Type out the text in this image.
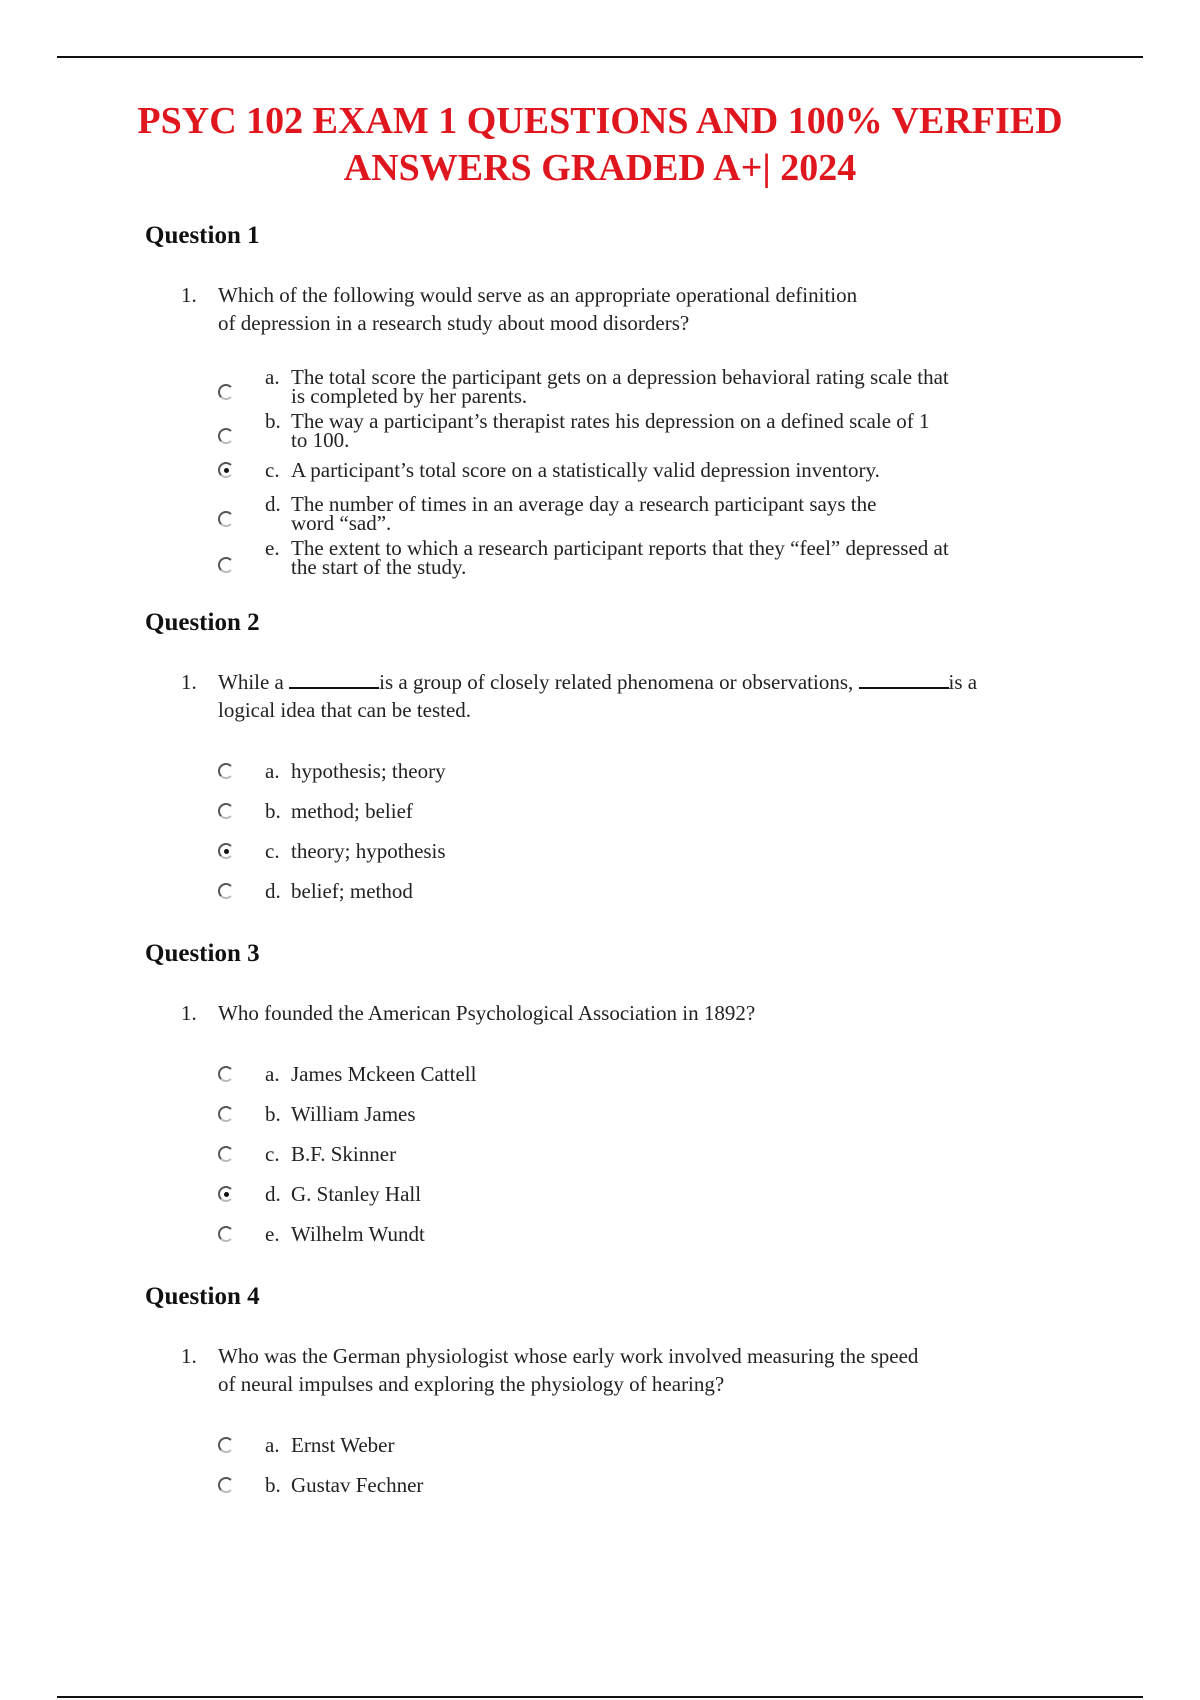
PSYC 102 EXAM 1 QUESTIONS AND 100% VERFIED
ANSWERS GRADED A+| 2024
Question 1
1. Which of the following would serve as an appropriate operational definition
of depression in a research study about mood disorders?
a. The total score the participant gets on a depression behavioral rating scale that
is completed by her parents.
b. The way a participant’s therapist rates his depression on a defined scale of 1
to 100.
c. A participant’s total score on a statistically valid depression inventory.
d. The number of times in an average day a research participant says the
word “sad”.
e. The extent to which a research participant reports that they “feel” depressed at
the start of the study.
Question 2
1. While a	is a group of closely related phenomena or observations,	is a
logical idea that can be tested.
a. hypothesis; theory
b. method; belief
c. theory; hypothesis
d. belief; method
Question 3
1. Who founded the American Psychological Association in 1892?
a. James Mckeen Cattell
b. William James
c. B.F. Skinner
d. G. Stanley Hall
e. Wilhelm Wundt
Question 4
1. Who was the German physiologist whose early work involved measuring the speed
of neural impulses and exploring the physiology of hearing?
a. Ernst Weber
b. Gustav Fechner
